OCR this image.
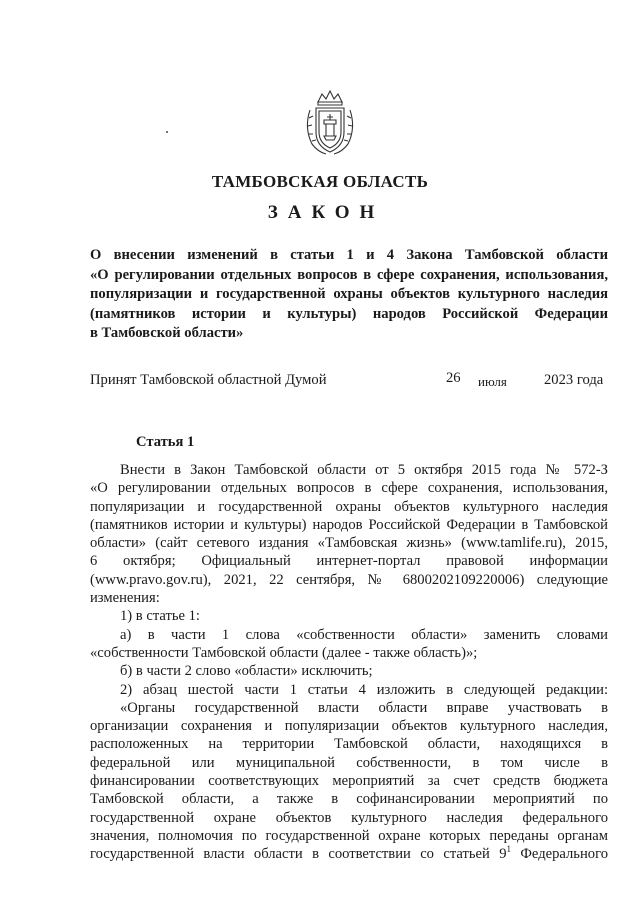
ТАМБОВСКАЯ ОБЛАСТЬ
ЗАКОН
О внесении изменений в статьи 1 и 4 Закона Тамбовской области
«О регулировании отдельных вопросов в сфере сохранения, использования,
популяризации и государственной охраны объектов культурного наследия
(памятников истории и культуры) народов Российской Федерации
в Тамбовской области»
Принят Тамбовской областной Думой	26 июля	2023 года
Статья 1
Внести в Закон Тамбовской области от 5 октября 2015 года № 572-З
«О регулировании отдельных вопросов в сфере сохранения, использования,
популяризации и государственной охраны объектов культурного наследия
(памятников истории и культуры) народов Российской Федерации в Тамбовской
области» (сайт сетевого издания «Тамбовская жизнь» (www.tamlife.ru), 2015,
6 октября; Официальный интернет-портал правовой информации
(www.pravo.gov.ru), 2021, 22 сентября, № 6800202109220006) следующие
изменения:
1) в статье 1:
а) в части 1 слова «собственности области» заменить словами
«собственности Тамбовской области (далее - также область)»;
б) в части 2 слово «области» исключить;
2) абзац шестой части 1 статьи 4 изложить в следующей редакции:
«Органы государственной власти области вправе участвовать в
организации сохранения и популяризации объектов культурного наследия,
расположенных на территории Тамбовской области, находящихся в
федеральной или муниципальной собственности, в том числе в
финансировании соответствующих мероприятий за счет средств бюджета
Тамбовской области, а также в софинансировании мероприятий по
государственной охране объектов культурного наследия федерального
значения, полномочия по государственной охране которых переданы органам
государственной власти области в соответствии со статьей $9^1$ Федерального
